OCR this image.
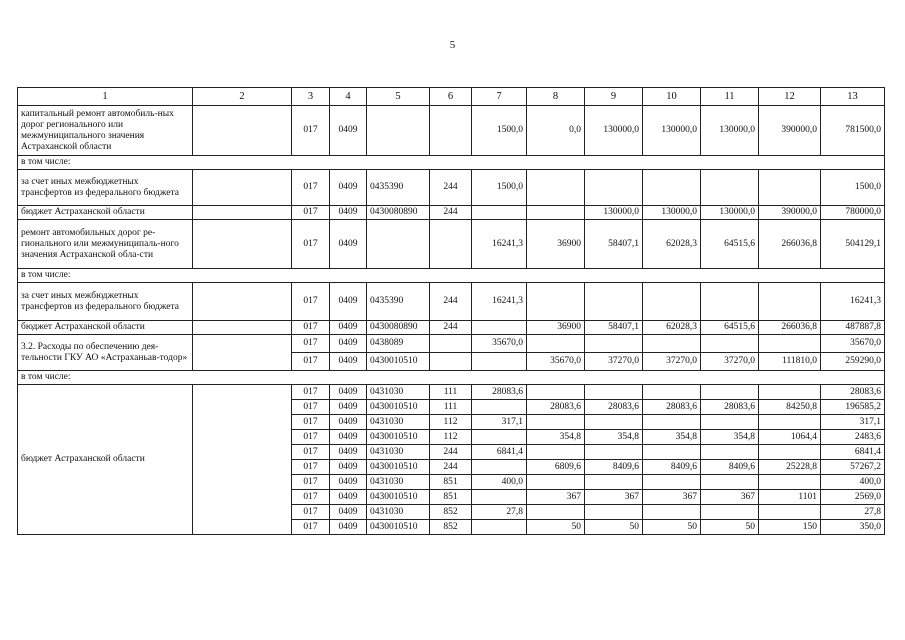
5
1	2	3	4	5	6	7	8	9	10	11	12	13
капитальный ремонт автомобиль-ных дорог регионального или межмуниципального значения Астраханской области		017	0409			1500,0	0,0	130000,0	130000,0	130000,0	390000,0	781500,0
в том числе:												
за счет иных межбюджетных трансфертов из федерального бюджета		017	0409	0435390	244	1500,0						1500,0
бюджет Астраханской области		017	0409	0430080890	244			130000,0	130000,0	130000,0	390000,0	780000,0
ремонт автомобильных дорог ре-гионального или межмуниципаль-ного значения Астраханской обла-сти		017	0409			16241,3	36900	58407,1	62028,3	64515,6	266036,8	504129,1
в том числе:												
за счет иных межбюджетных трансфертов из федерального бюджета		017	0409	0435390	244	16241,3						16241,3
бюджет Астраханской области		017	0409	0430080890	244		36900	58407,1	62028,3	64515,6	266036,8	487887,8
3.2. Расходы по обеспечению дея-тельности ГКУ АО «Астраханьав-тодор»		017	0409	0438089		35670,0						35670,0
		017	0409	0430010510			35670,0	37270,0	37270,0	37270,0	111810,0	259290,0
в том числе:												
бюджет Астраханской области		017	0409	0431030	111	28083,6						28083,6
		017	0409	0430010510	111		28083,6	28083,6	28083,6	28083,6	84250,8	196585,2
		017	0409	0431030	112	317,1						317,1
		017	0409	0430010510	112		354,8	354,8	354,8	354,8	1064,4	2483,6
		017	0409	0431030	244	6841,4						6841,4
		017	0409	0430010510	244		6809,6	8409,6	8409,6	8409,6	25228,8	57267,2
		017	0409	0431030	851	400,0						400,0
		017	0409	0430010510	851		367	367	367	367	1101	2569,0
		017	0409	0431030	852	27,8						27,8
		017	0409	0430010510	852		50	50	50	50	150	350,0
